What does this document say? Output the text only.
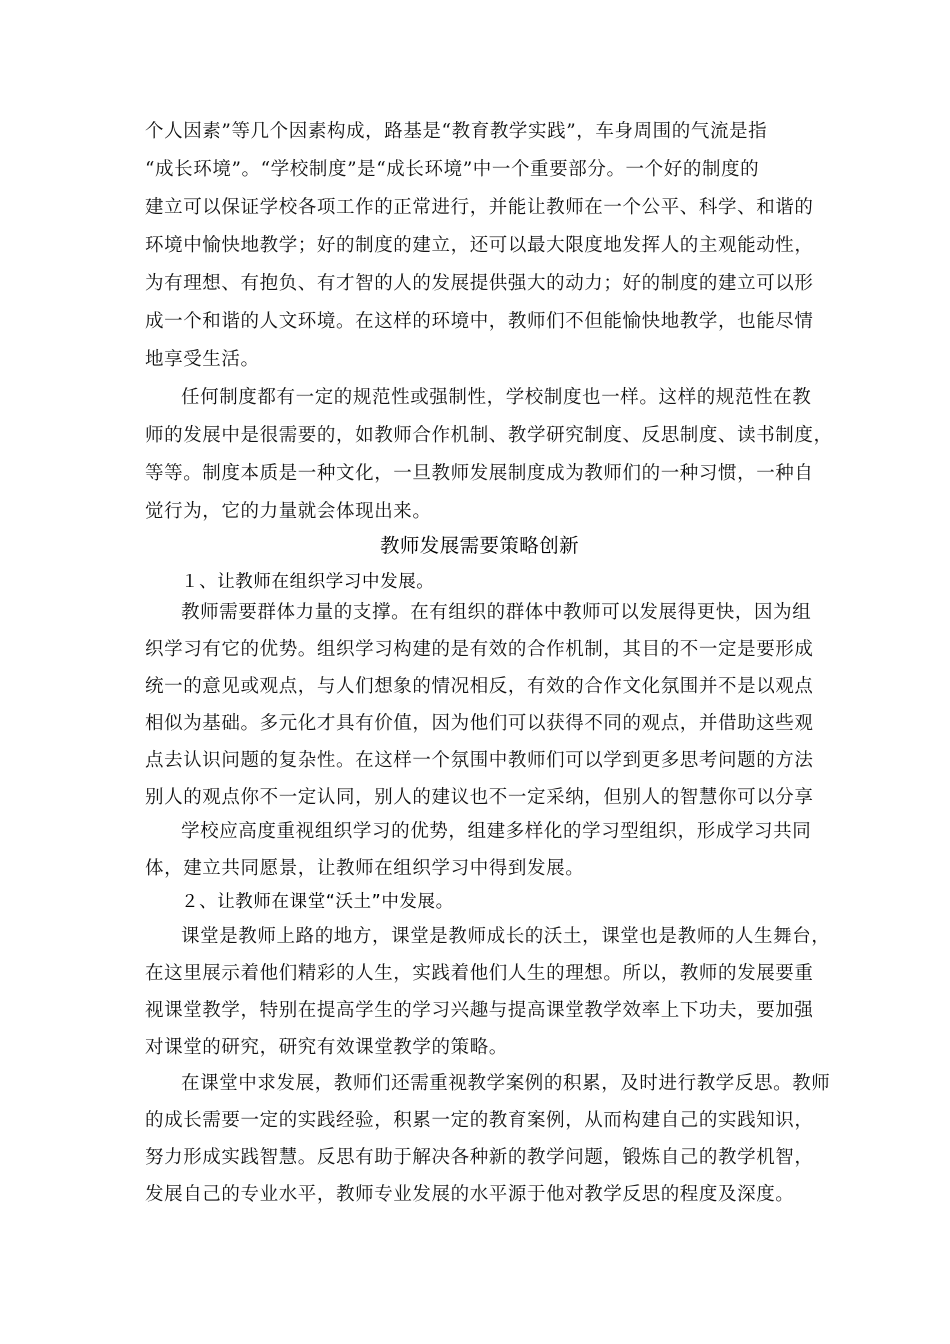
个人因素”等几个因素构成，路基是“教育教学实践”，车身周围的气流是指
“成长环境”。“学校制度”是“成长环境”中一个重要部分。一个好的制度的
建立可以保证学校各项工作的正常进行，并能让教师在一个公平、科学、和谐的
环境中愉快地教学；好的制度的建立，还可以最大限度地发挥人的主观能动性，
为有理想、有抱负、有才智的人的发展提供强大的动力；好的制度的建立可以形
成一个和谐的人文环境。在这样的环境中，教师们不但能愉快地教学，也能尽情
地享受生活。
任何制度都有一定的规范性或强制性，学校制度也一样。这样的规范性在教
师的发展中是很需要的，如教师合作机制、教学研究制度、反思制度、读书制度，
等等。制度本质是一种文化，一旦教师发展制度成为教师们的一种习惯，一种自
觉行为，它的力量就会体现出来。
教师发展需要策略创新
１、让教师在组织学习中发展。
教师需要群体力量的支撑。在有组织的群体中教师可以发展得更快，因为组
织学习有它的优势。组织学习构建的是有效的合作机制，其目的不一定是要形成
统一的意见或观点，与人们想象的情况相反，有效的合作文化氛围并不是以观点
相似为基础。多元化才具有价值，因为他们可以获得不同的观点，并借助这些观
点去认识问题的复杂性。在这样一个氛围中教师们可以学到更多思考问题的方法
别人的观点你不一定认同，别人的建议也不一定采纳，但别人的智慧你可以分享
学校应高度重视组织学习的优势，组建多样化的学习型组织，形成学习共同
体，建立共同愿景，让教师在组织学习中得到发展。
２、让教师在课堂“沃土”中发展。
课堂是教师上路的地方，课堂是教师成长的沃土，课堂也是教师的人生舞台，
在这里展示着他们精彩的人生，实践着他们人生的理想。所以，教师的发展要重
视课堂教学，特别在提高学生的学习兴趣与提高课堂教学效率上下功夫，要加强
对课堂的研究，研究有效课堂教学的策略。
在课堂中求发展，教师们还需重视教学案例的积累，及时进行教学反思。教师
的成长需要一定的实践经验，积累一定的教育案例，从而构建自己的实践知识，
努力形成实践智慧。反思有助于解决各种新的教学问题，锻炼自己的教学机智，
发展自己的专业水平，教师专业发展的水平源于他对教学反思的程度及深度。
